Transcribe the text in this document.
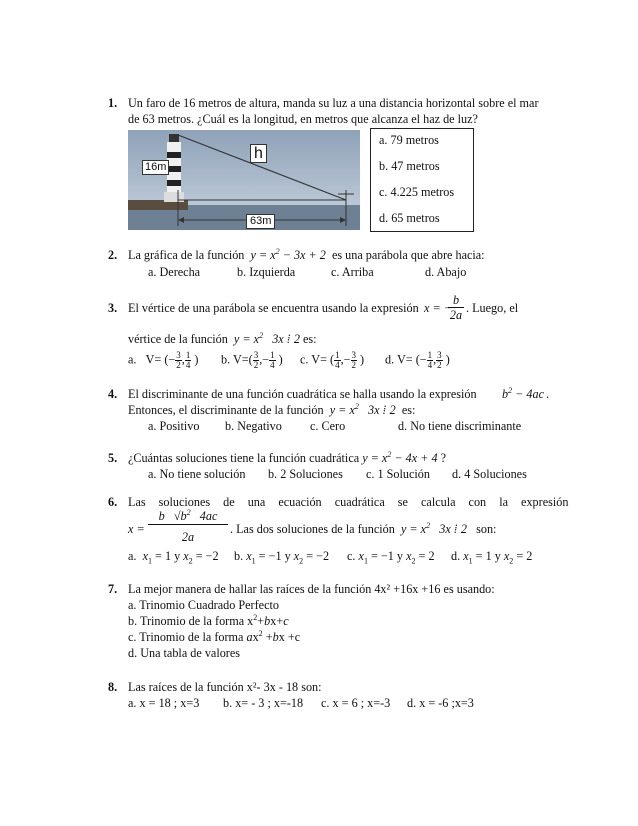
1. Un faro de 16 metros de altura, manda su luz a una distancia horizontal sobre el mar
de 63 metros. ¿Cuál es la longitud, en metros que alcanza el haz de luz?
16m
h
63m
a. 79 metros
b. 47 metros
c. 4.225 metros
d. 65 metros
2. La gráfica de la función $y = x^2 - 3x + 2$ es una parábola que abre hacia:
a. Derecha	b. Izquierda	c. Arriba	d. Abajo
3. El vértice de una parábola se encuentra usando la expresión x = −
$\frac{b}{2a}$ . Luego, el
vértice de la función $y = x^2$   3x ⁞ 2 es:
a.   V= (− $\frac{3}{2}$ , $\frac{1}{4}$ ) b. $V=( \frac{3}{2}$ ,− $\frac{1}{4}$ ) c. V= ( $\frac{1}{4}$ ,− $\frac{3}{2}$ ) d. V= (− $\frac{1}{4}$ , $\frac{3}{2}$ )
4. El discriminante de una función cuadrática se halla usando la expresión $b^2 - 4ac$ .
Entonces, el discriminante de la función $y = x^2$   3x ⁞ 2 es:
a. Positivo b. Negativo c. Cero	d. No tiene discriminante
5. ¿Cuántas soluciones tiene la función cuadrática $y = x^2 - 4x + 4$ ?
a. No tiene solución b. 2 Soluciones c. 1 Solución d. 4 Soluciones
6. Las soluciones de una ecuación cuadrática se calcula con la expresión
$x = \frac{b √b^2 4ac}{2a}$ . Las dos soluciones de la función $y = x^2$   3x ⁞ 2 son:
a.  $x_1 = 1$ y $x_2 = -2$ b. $x_1 = -1$ y $x_2 = -2$ c. $x_1 = -1$ y $x_2 = 2$ d. $x_1 = 1$ y $x_2 = 2$
7. La mejor manera de hallar las raíces de la función 4x² +16x +16 es usando:
a. Trinomio Cuadrado Perfecto
b. Trinomio de la forma $x^2+bx+c$
c. Trinomio de la forma $ax^2 +bx +c$
d. Una tabla de valores
8. Las raíces de la función x²- 3x - 18 son:
a. x = 18 ; x=3 b. x= - 3 ; x=-18 c. x = 6 ; x=-3 d. x = -6 ;x=3
